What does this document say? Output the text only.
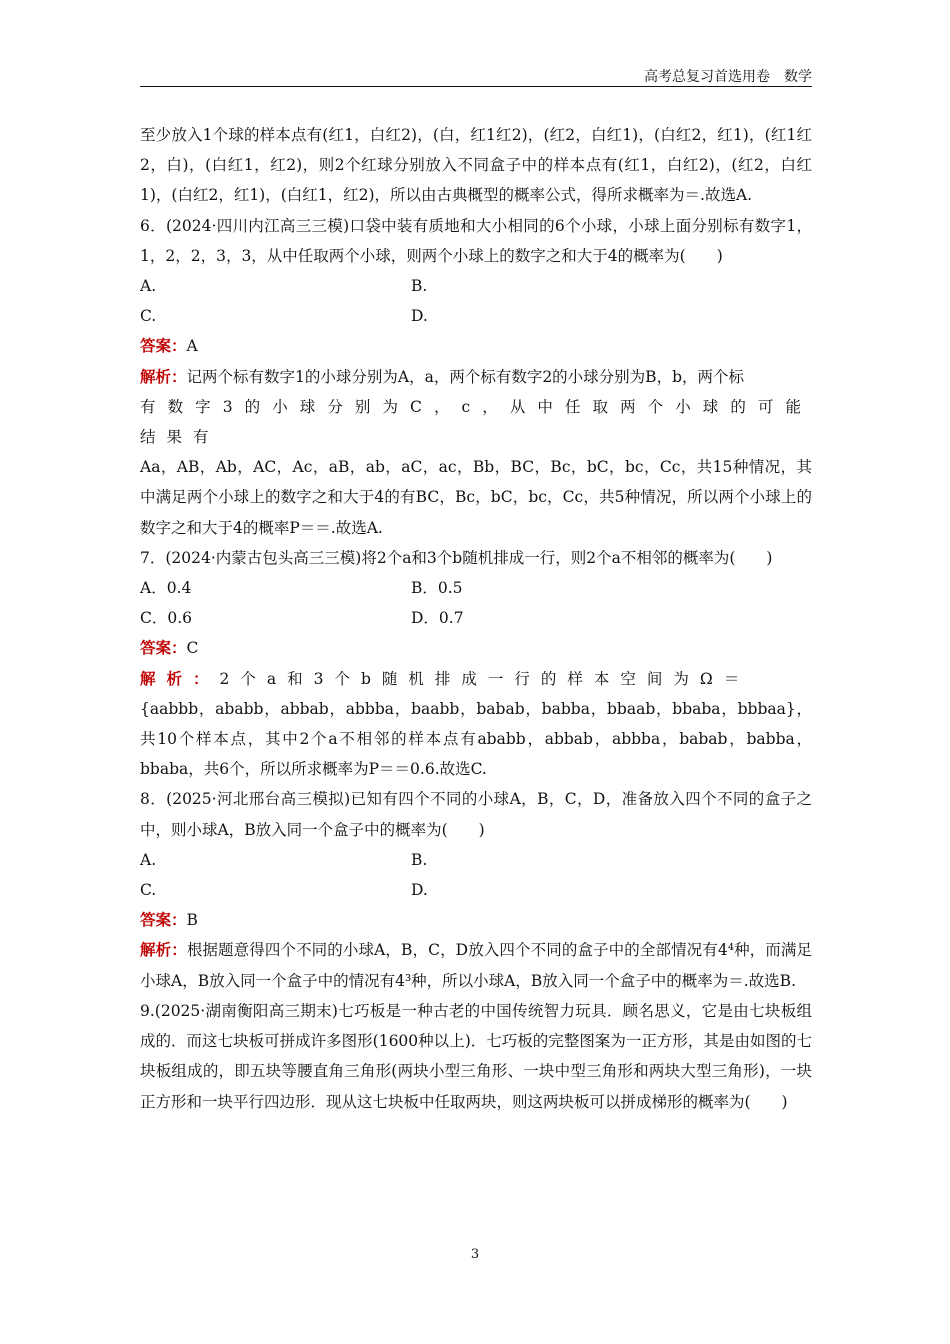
高考总复习首选用卷　数学

至少放入1个球的样本点有(红1，白红2)，(白，红1红2)，(红2，白红1)，(白红2，红1)，(红1红2，白)，(白红1，红2)，则2个红球分别放入不同盒子中的样本点有(红1，白红2)，(红2，白红1)，(白红2，红1)，(白红1，红2)，所以由古典概型的概率公式，得所求概率为＝.故选A.

6．(2024·四川内江高三三模)口袋中装有质地和大小相同的6个小球，小球上面分别标有数字1，1，2，2，3，3，从中任取两个小球，则两个小球上的数字之和大于4的概率为(　　)

A.	B.
C.	D.

答案：A

解析：记两个标有数字1的小球分别为A，a，两个标有数字2的小球分别为B，b，两个标

有数字3的小球分别为C，c，从中任取两个小球的可能结果有

Aa，AB，Ab，AC，Ac，aB，ab，aC，ac，Bb，BC，Bc，bC，bc，Cc，共15种情况，其中满足两个小球上的数字之和大于4的有BC，Bc，bC，bc，Cc，共5种情况，所以两个小球上的数字之和大于4的概率P＝＝.故选A.

7．(2024·内蒙古包头高三三模)将2个a和3个b随机排成一行，则2个a不相邻的概率为(　　)

A．0.4	B．0.5
C．0.6	D．0.7

答案：C

解析：2个a和3个b随机排成一行的样本空间为Ω＝

{aabbb，ababb，abbab，abbba，baabb，babab，babba，bbaab，bbaba，bbbaa}，共10个样本点，其中2个a不相邻的样本点有ababb，abbab，abbba，babab，babba，bbaba，共6个，所以所求概率为P＝＝0.6.故选C.

8．(2025·河北邢台高三模拟)已知有四个不同的小球A，B，C，D，准备放入四个不同的盒子之中，则小球A，B放入同一个盒子中的概率为(　　)

A.	B.
C.	D.

答案：B

解析：根据题意得四个不同的小球A，B，C，D放入四个不同的盒子中的全部情况有4⁴种，而满足小球A，B放入同一个盒子中的情况有4³种，所以小球A，B放入同一个盒子中的概率为＝.故选B.

9.(2025·湖南衡阳高三期末)七巧板是一种古老的中国传统智力玩具．顾名思义，它是由七块板组成的．而这七块板可拼成许多图形(1600种以上)．七巧板的完整图案为一正方形，其是由如图的七块板组成的，即五块等腰直角三角形(两块小型三角形、一块中型三角形和两块大型三角形)，一块正方形和一块平行四边形．现从这七块板中任取两块，则这两块板可以拼成梯形的概率为(　　)

3
